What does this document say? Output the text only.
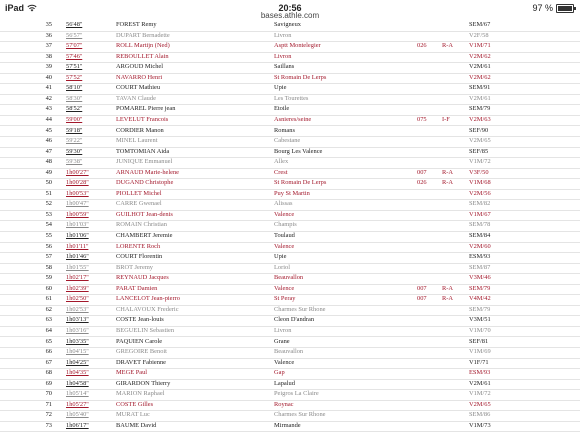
iPad	20:56
bases.athle.com
97 %
35 56'48''	FOREST Remy	Savigneux	SEM/67
36 56'57''	DUPART Bernadette	Livron	V2F/58
37 57'07''	ROLL Martijn (Ned)	Asptt Montelegier	026	R-A	V1M/71
38 57'46''	REBOULLET Alain	Livron	V2M/62
39 57'51''	ARGOUD Michel	Saillans	V2M/61
40 57'52''	NAVARRO Henri	St Romain De Lerps	V2M/62
41 58'10''	COURT Mathieu	Upie	SEM/91
42 58'30''	TAVAN Claude	Les Tourettes	V2M/61
43 58'52''	POMAREL Pierre jean	Etoile	SEM/79
44 59'00''	LEVELUT Francois	Asnieres/seine	075	I-F	V2M/63
45 59'18''	CORDIER Manon	Romans	SEF/90
46 59'22''	MINEL Laurent	Cabestane	V2M/65
47 59'30''	TOMTOMIAN Aida	Bourg Les Valence	SEF/85
48 59'38''	JUNIQUE Emmanuel	Allex	V1M/72
49 1h00'27''	ARNAUD Marie-helene	Crest	007	R-A	V3F/50
50 1h00'28''	DUGAND Christophe	St Romain De Lerps	026	R-A	V1M/68
51 1h00'53''	PIOLLET Michel	Puy St Martin	V2M/56
52 1h00'47''	CARRE Gwenael	Alissas	SEM/82
53 1h00'59''	GUILHOT Jean-denis	Valence	V1M/67
54 1h01'03''	ROMAIN Christian	Champis	SEM/78
55 1h01'06''	CHAMBERT Jeremie	Toulaud	SEM/84
56 1h01'11''	LORENTE Roch	Valence	V2M/60
57 1h01'46''	COURT Florentin	Upie	ESM/93
58 1h01'55''	BROT Jeremy	Loriol	SEM/87
59 1h02'17''	REYNAUD Jacques	Beauvallon	V3M/46
60 1h02'39''	PARAT Damien	Valence	007	R-A	SEM/79
61 1h02'50''	LANCELOT Jean-pierro	St Peray	007	R-A	V4M/42
62 1h02'53''	CHALAVOUX Frederic	Charmes Sur Rhone	SEM/79
63 1h03'13''	COSTE Jean-louis	Cleon D'andran	V3M/51
64 1h03'16''	BEGUELIN Sebastien	Livron	V1M/70
65 1h03'35''	PAQUIEN Carole	Grane	SEF/81
66 1h04'15''	GREGOIRE Benoit	Beauvallon	V1M/69
67 1h04'25''	DRAVET Fabienne	Valence	V1F/71
68 1h04'35''	MEGE Paul	Gap	ESM/93
69 1h04'58''	GIRARDON Thierry	Lapalud	V2M/61
70 1h05'14''	MARION Raphael	Peigros La Claire	V1M/72
71 1h05'27''	COSTE Gilles	Roynac	V2M/65
72 1h05'40''	MURAT Luc	Charmes Sur Rhone	SEM/86
73 1h06'17''	BAUME David	Mirmande	V1M/73
